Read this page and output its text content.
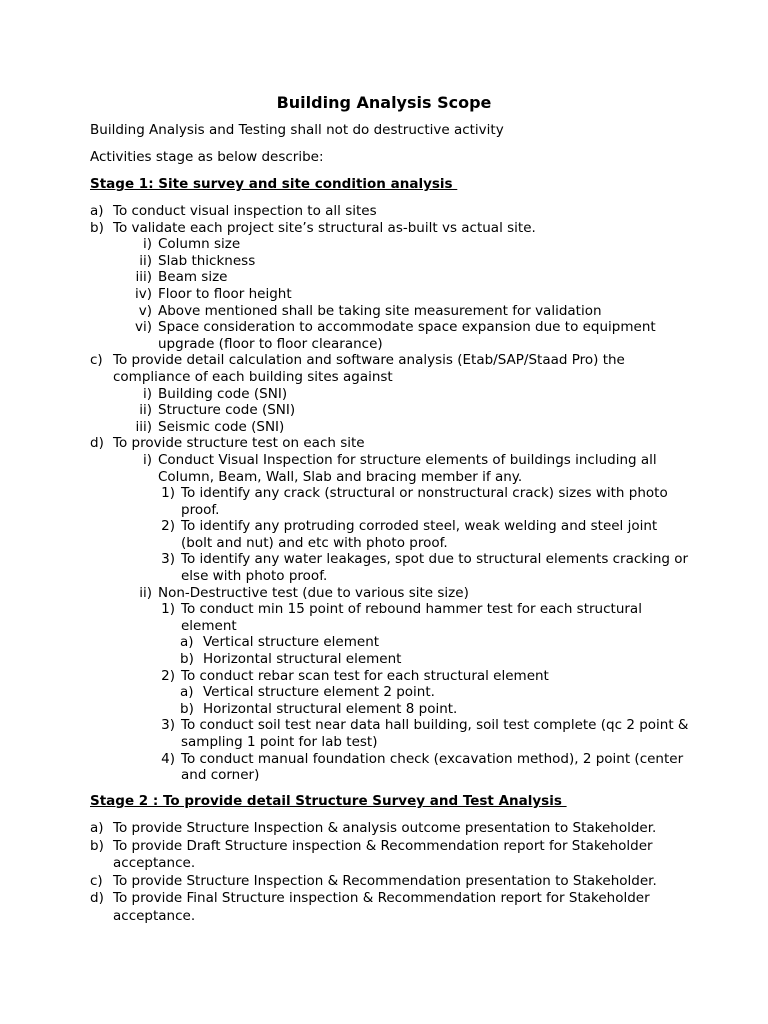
Building Analysis Scope

Building Analysis and Testing shall not do destructive activity

Activities stage as below describe:

Stage 1: Site survey and site condition analysis

a) To conduct visual inspection to all sites
b) To validate each project site’s structural as-built vs actual site.
i) Column size
ii) Slab thickness
iii) Beam size
iv) Floor to floor height
v) Above mentioned shall be taking site measurement for validation
vi) Space consideration to accommodate space expansion due to equipment upgrade (floor to floor clearance)
c) To provide detail calculation and software analysis (Etab/SAP/Staad Pro) the compliance of each building sites against
i) Building code (SNI)
ii) Structure code (SNI)
iii) Seismic code (SNI)
d) To provide structure test on each site
i) Conduct Visual Inspection for structure elements of buildings including all Column, Beam, Wall, Slab and bracing member if any.
1) To identify any crack (structural or nonstructural crack) sizes with photo proof.
2) To identify any protruding corroded steel, weak welding and steel joint (bolt and nut) and etc with photo proof.
3) To identify any water leakages, spot due to structural elements cracking or else with photo proof.
ii) Non-Destructive test (due to various site size)
1) To conduct min 15 point of rebound hammer test for each structural element
a) Vertical structure element
b) Horizontal structural element
2) To conduct rebar scan test for each structural element
a) Vertical structure element 2 point.
b) Horizontal structural element 8 point.
3) To conduct soil test near data hall building, soil test complete (qc 2 point & sampling 1 point for lab test)
4) To conduct manual foundation check (excavation method), 2 point (center and corner)

Stage 2 : To provide detail Structure Survey and Test Analysis

a) To provide Structure Inspection & analysis outcome presentation to Stakeholder.
b) To provide Draft Structure inspection & Recommendation report for Stakeholder acceptance.
c) To provide Structure Inspection & Recommendation presentation to Stakeholder.
d) To provide Final Structure inspection & Recommendation report for Stakeholder acceptance.
